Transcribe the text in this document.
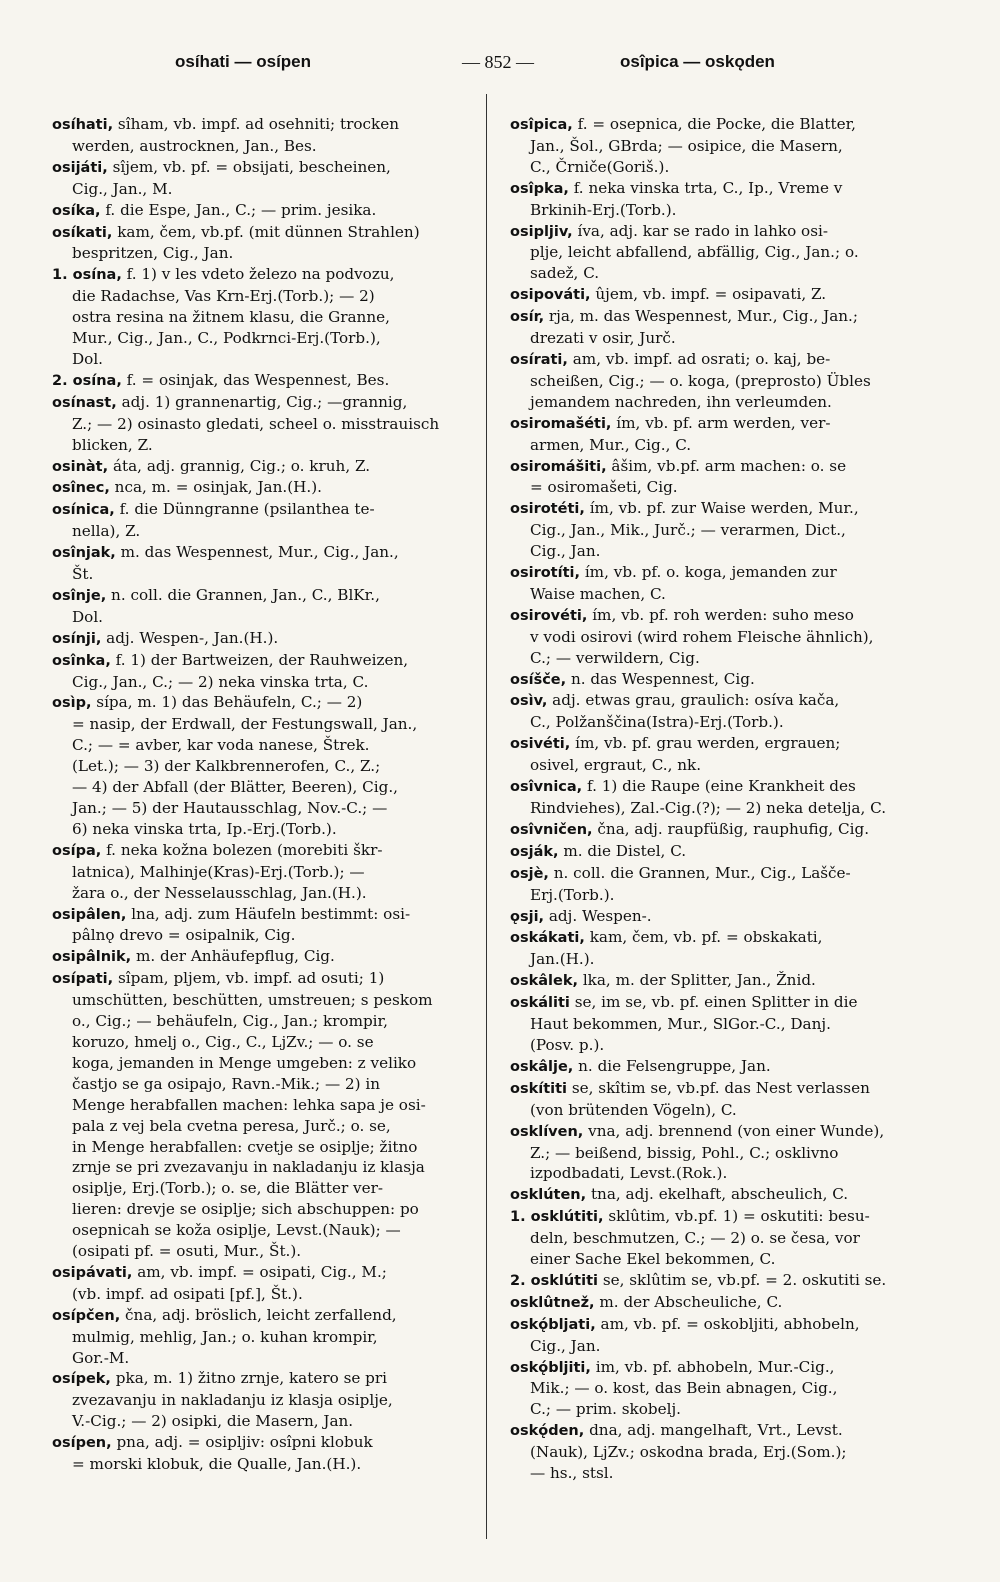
osíhati — osípen	— 852 —	osîpica — oskǫden
osíhati, sîham, vb. impf. ad osehniti; trocken
werden, austrocknen, Jan., Bes.
osijáti, sîjem, vb. pf. = obsijati, bescheinen,
Cig., Jan., M.
osíka, f. die Espe, Jan., C.; — prim. jesika.
osíkati, kam, čem, vb.pf. (mit dünnen Strahlen)
bespritzen, Cig., Jan.
1. osína, f. 1) v les vdeto železo na podvozu,
die Radachse, Vas Krn-Erj.(Torb.); — 2)
ostra resina na žitnem klasu, die Granne,
Mur., Cig., Jan., C., Podkrnci-Erj.(Torb.),
Dol.
2. osína, f. = osinjak, das Wespennest, Bes.
osínast, adj. 1) grannenartig, Cig.; —grannig,
Z.; — 2) osinasto gledati, scheel o. misstrauisch
blicken, Z.
osinàt, áta, adj. grannig, Cig.; o. kruh, Z.
osînec, nca, m. = osinjak, Jan.(H.).
osínica, f. die Dünngranne (psilanthea te-
nella), Z.
osînjak, m. das Wespennest, Mur., Cig., Jan.,
Št.
osînje, n. coll. die Grannen, Jan., C., BlKr.,
Dol.
osínji, adj. Wespen-, Jan.(H.).
osînka, f. 1) der Bartweizen, der Rauhweizen,
Cig., Jan., C.; — 2) neka vinska trta, C.
osìp, sípa, m. 1) das Behäufeln, C.; — 2)
= nasip, der Erdwall, der Festungswall, Jan.,
C.; — = avber, kar voda nanese, Štrek.
(Let.); — 3) der Kalkbrennerofen, C., Z.;
— 4) der Abfall (der Blätter, Beeren), Cig.,
Jan.; — 5) der Hautausschlag, Nov.-C.; —
6) neka vinska trta, Ip.-Erj.(Torb.).
osípa, f. neka kožna bolezen (morebiti škr-
latnica), Malhinje(Kras)-Erj.(Torb.); —
žara o., der Nesselausschlag, Jan.(H.).
osipâlen, lna, adj. zum Häufeln bestimmt: osi-
pâlnǫ drevo = osipalnik, Cig.
osipâlnik, m. der Anhäufepflug, Cig.
osípati, sîpam, pljem, vb. impf. ad osuti; 1)
umschütten, beschütten, umstreuen; s peskom
o., Cig.; — behäufeln, Cig., Jan.; krompir,
koruzo, hmelj o., Cig., C., LjZv.; — o. se
koga, jemanden in Menge umgeben: z veliko
častjo se ga osipajo, Ravn.-Mik.; — 2) in
Menge herabfallen machen: lehka sapa je osi-
pala z vej bela cvetna peresa, Jurč.; o. se,
in Menge herabfallen: cvetje se osiplje; žitno
zrnje se pri zvezavanju in nakladanju iz klasja
osiplje, Erj.(Torb.); o. se, die Blätter ver-
lieren: drevje se osiplje; sich abschuppen: po
osepnicah se koža osiplje, Levst.(Nauk); —
(osipati pf. = osuti, Mur., Št.).
osipávati, am, vb. impf. = osipati, Cig., M.;
(vb. impf. ad osipati [pf.], Št.).
osípčen, čna, adj. bröslich, leicht zerfallend,
mulmig, mehlig, Jan.; o. kuhan krompir,
Gor.-M.
osípek, pka, m. 1) žitno zrnje, katero se pri
zvezavanju in nakladanju iz klasja osiplje,
V.-Cig.; — 2) osipki, die Masern, Jan.
osípen, pna, adj. = osipljiv: osîpni klobuk
= morski klobuk, die Qualle, Jan.(H.).
osîpica, f. = osepnica, die Pocke, die Blatter,
Jan., Šol., GBrda; — osipice, die Masern,
C., Črniče(Goriš.).
osîpka, f. neka vinska trta, C., Ip., Vreme v
Brkinih-Erj.(Torb.).
osipljiv, íva, adj. kar se rado in lahko osi-
plje, leicht abfallend, abfällig, Cig., Jan.; o.
sadež, C.
osipováti, ûjem, vb. impf. = osipavati, Z.
osír, rja, m. das Wespennest, Mur., Cig., Jan.;
drezati v osir, Jurč.
osírati, am, vb. impf. ad osrati; o. kaj, be-
scheißen, Cig.; — o. koga, (preprosto) Übles
jemandem nachreden, ihn verleumden.
osiromašéti, ím, vb. pf. arm werden, ver-
armen, Mur., Cig., C.
osiromášiti, âšim, vb.pf. arm machen: o. se
= osiromašeti, Cig.
osirotéti, ím, vb. pf. zur Waise werden, Mur.,
Cig., Jan., Mik., Jurč.; — verarmen, Dict.,
Cig., Jan.
osirotíti, ím, vb. pf. o. koga, jemanden zur
Waise machen, C.
osirovéti, ím, vb. pf. roh werden: suho meso
v vodi osirovi (wird rohem Fleische ähnlich),
C.; — verwildern, Cig.
osíšče, n. das Wespennest, Cig.
osìv, adj. etwas grau, graulich: osíva kača,
C., Polžanščina(Istra)-Erj.(Torb.).
osivéti, ím, vb. pf. grau werden, ergrauen;
osivel, ergraut, C., nk.
osîvnica, f. 1) die Raupe (eine Krankheit des
Rindviehes), Zal.-Cig.(?); — 2) neka detelja, C.
osîvničen, čna, adj. raupfüßig, rauphufig, Cig.
osják, m. die Distel, C.
osjè, n. coll. die Grannen, Mur., Cig., Lašče-
Erj.(Torb.).
ǫsji, adj. Wespen-.
oskákati, kam, čem, vb. pf. = obskakati,
Jan.(H.).
oskâlek, lka, m. der Splitter, Jan., Žnid.
oskáliti se, im se, vb. pf. einen Splitter in die
Haut bekommen, Mur., SlGor.-C., Danj.
(Posv. p.).
oskâlje, n. die Felsengruppe, Jan.
oskítiti se, skîtim se, vb.pf. das Nest verlassen
(von brütenden Vögeln), C.
osklíven, vna, adj. brennend (von einer Wunde),
Z.; — beißend, bissig, Pohl., C.; osklivno
izpodbadati, Levst.(Rok.).
osklúten, tna, adj. ekelhaft, abscheulich, C.
1. osklútiti, sklûtim, vb.pf. 1) = oskutiti: besu-
deln, beschmutzen, C.; — 2) o. se česa, vor
einer Sache Ekel bekommen, C.
2. osklútiti se, sklûtim se, vb.pf. = 2. oskutiti se.
osklûtnež, m. der Abscheuliche, C.
oskǫ́bljati, am, vb. pf. = oskobljiti, abhobeln,
Cig., Jan.
oskǫ́bljiti, im, vb. pf. abhobeln, Mur.-Cig.,
Mik.; — o. kost, das Bein abnagen, Cig.,
C.; — prim. skobelj.
oskǫ́den, dna, adj. mangelhaft, Vrt., Levst.
(Nauk), LjZv.; oskodna brada, Erj.(Som.);
— hs., stsl.
